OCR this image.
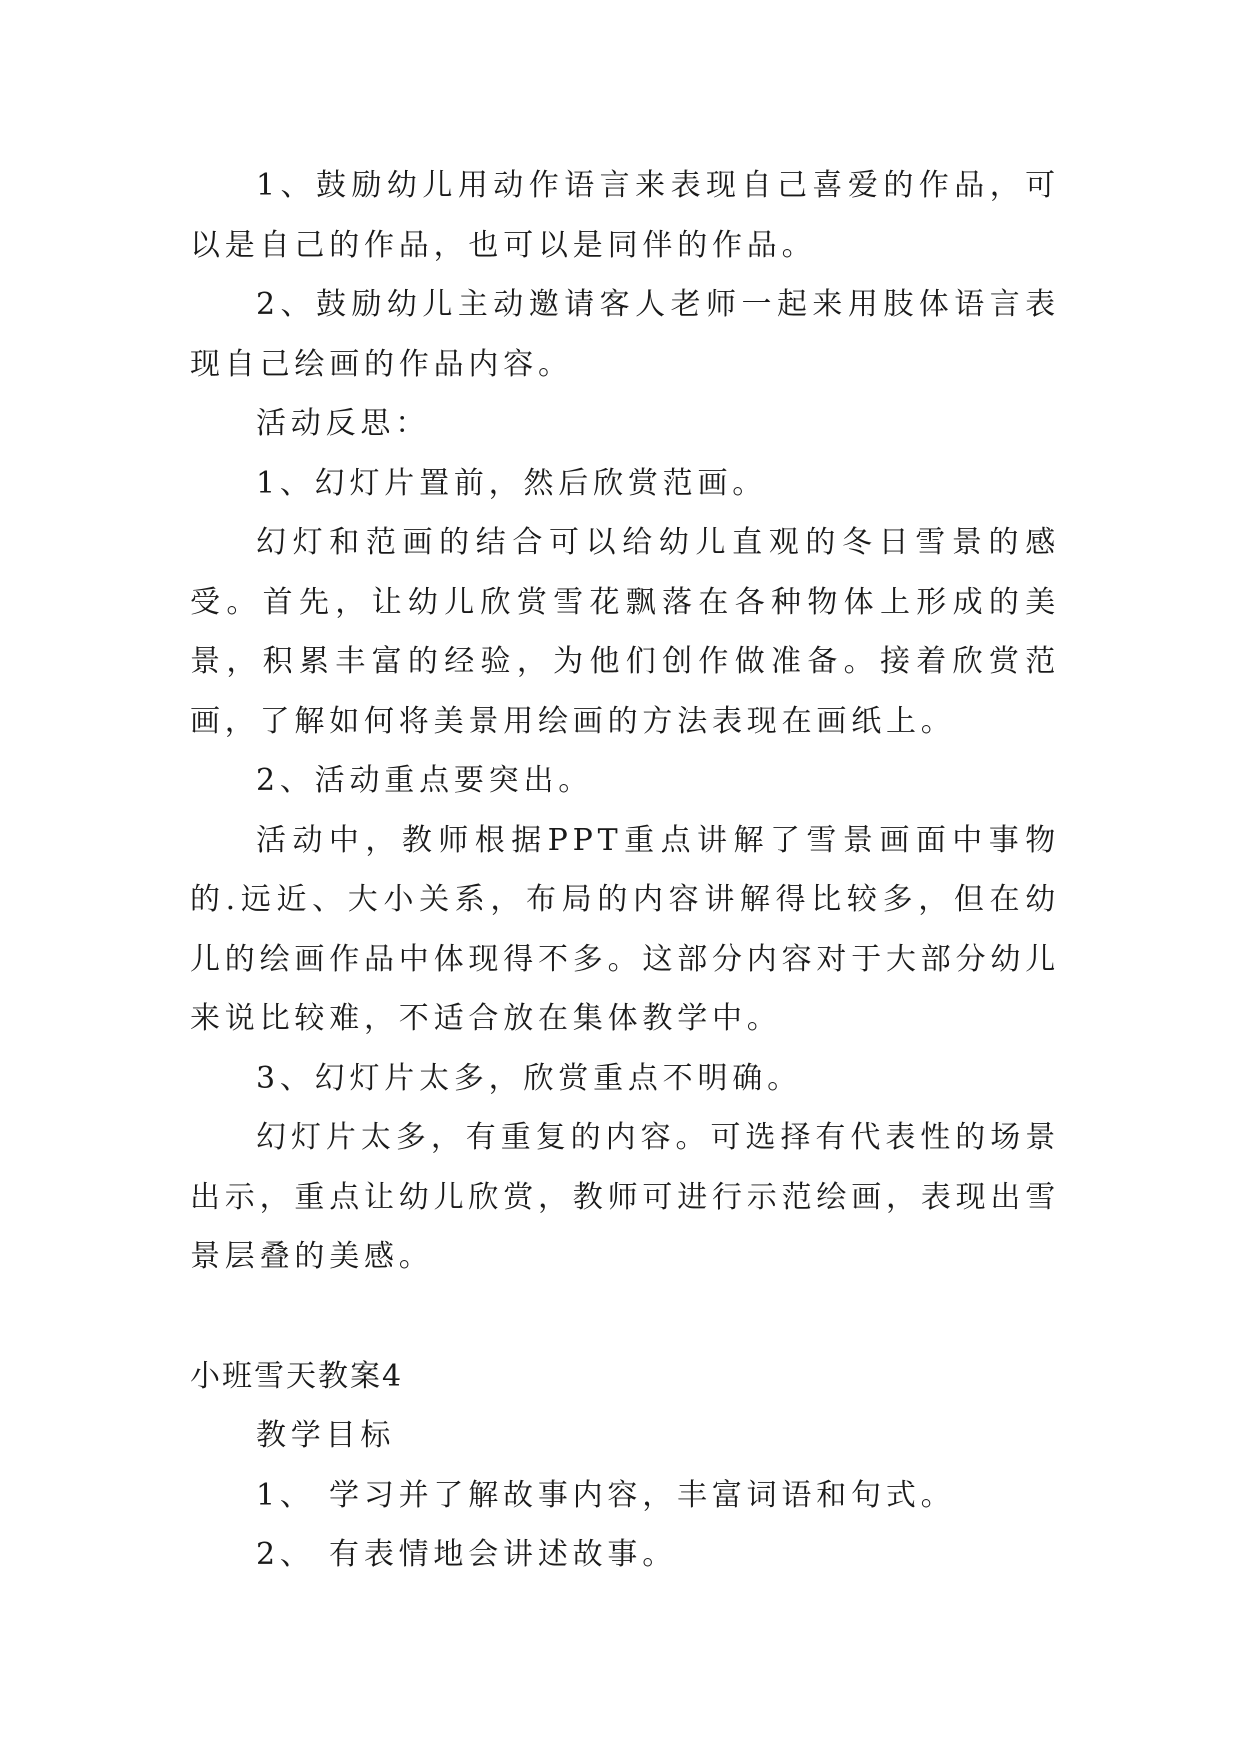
1、鼓励幼儿用动作语言来表现自己喜爱的作品，可以是自己的作品，也可以是同伴的作品。

2、鼓励幼儿主动邀请客人老师一起来用肢体语言表现自己绘画的作品内容。

活动反思：

1、幻灯片置前，然后欣赏范画。

幻灯和范画的结合可以给幼儿直观的冬日雪景的感受。首先，让幼儿欣赏雪花飘落在各种物体上形成的美景，积累丰富的经验，为他们创作做准备。接着欣赏范画，了解如何将美景用绘画的方法表现在画纸上。

2、活动重点要突出。

活动中，教师根据PPT重点讲解了雪景画面中事物的.远近、大小关系，布局的内容讲解得比较多，但在幼儿的绘画作品中体现得不多。这部分内容对于大部分幼儿来说比较难，不适合放在集体教学中。

3、幻灯片太多，欣赏重点不明确。

幻灯片太多，有重复的内容。可选择有代表性的场景出示，重点让幼儿欣赏，教师可进行示范绘画，表现出雪景层叠的美感。

小班雪天教案4

教学目标

1、 学习并了解故事内容，丰富词语和句式。

2、 有表情地会讲述故事。
